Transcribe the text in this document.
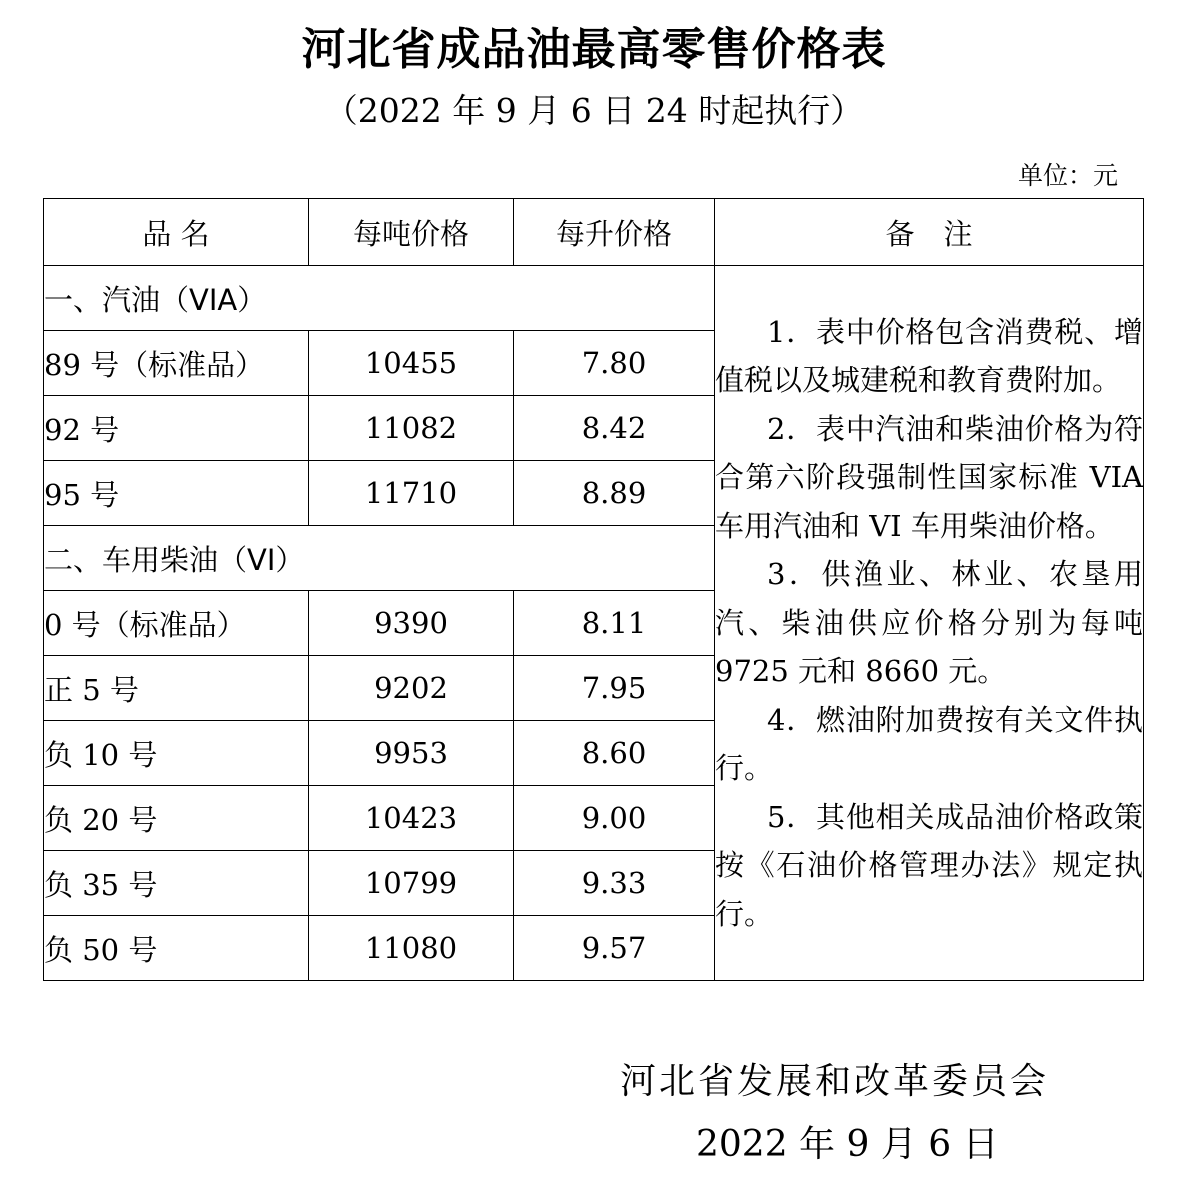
河北省成品油最高零售价格表
（2022 年 9 月 6 日 24 时起执行）
单位：元
品 名	每吨价格	每升价格	备　注
一、汽油（VIA）			1．表中价格包含消费税、增值税以及城建税和教育费附加。

2．表中汽油和柴油价格为符合第六阶段强制性国家标准 VIA 车用汽油和 VI 车用柴油价格。

3．供渔业、林业、农垦用汽、柴油供应价格分别为每吨 9725 元和 8660 元。

4．燃油附加费按有关文件执行。

5．其他相关成品油价格政策按《石油价格管理办法》规定执行。

89 号（标准品）	10455	7.80	
92 号	11082	8.42	
95 号	11710	8.89	
二、车用柴油（VI）			
0 号（标准品）	9390	8.11	
正 5 号	9202	7.95	
负 10 号	9953	8.60	
负 20 号	10423	9.00	
负 35 号	10799	9.33	
负 50 号	11080	9.57	
河北省发展和改革委员会
2022 年 9 月 6 日
